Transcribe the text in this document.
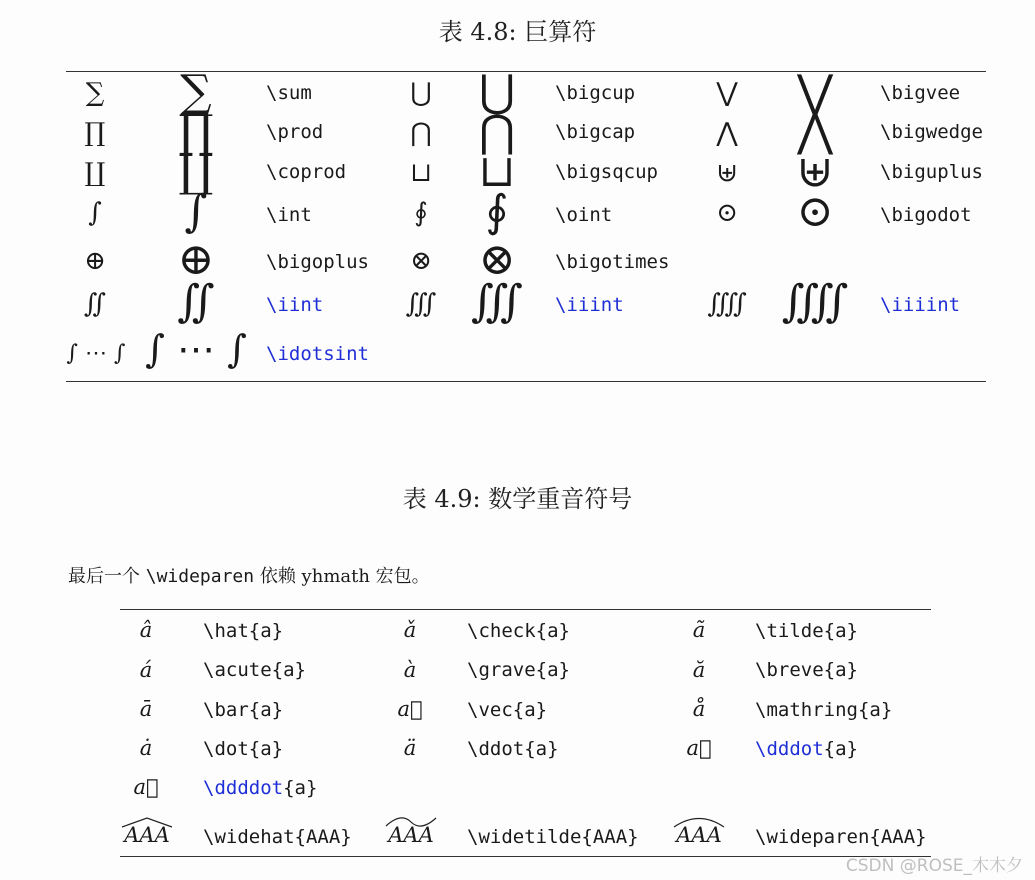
表 4.8: 巨算符
∑ ∑	\sum	⋃ ⋃ \bigcup	⋁ ⋁ \bigvee
∏ ∏	\prod	⋂ ⋂ \bigcap	⋀ ⋀ \bigwedge
∐ ∐	\coprod ⊔ ⊔ \bigsqcup ⊎ ⊎ \biguplus
∫ ∫	\int	∮ ∮ \oint	⊙ ⊙ \bigodot
⊕ ⊕	\bigoplus ⊗ ⊗ \bigotimes
∬ ∬	\iint	∭ ∭ \iiint	⨌ ⨌ \iiiint
∫ ⋯ ∫ ∫ ⋯ ∫ \idotsint
表 4.9: 数学重音符号
最后一个 \wideparen 依赖 yhmath 宏包。
â	\hat{a}	ǎ	\check{a}	ã	\tilde{a}
á	\acute{a}	à	\grave{a}	ă	\breve{a}
ā	\bar{a}	a⃗ \vec{a}	å	\mathring{a}
ȧ	\dot{a}	ä	\ddot{a}	a⃛ \dddot{a}
a⃜ \ddddot{a}
AAA \widehat{AAA} AAA \widetilde{AAA} AAA \wideparen{AAA}
CSDN @ROSE_木木夕
